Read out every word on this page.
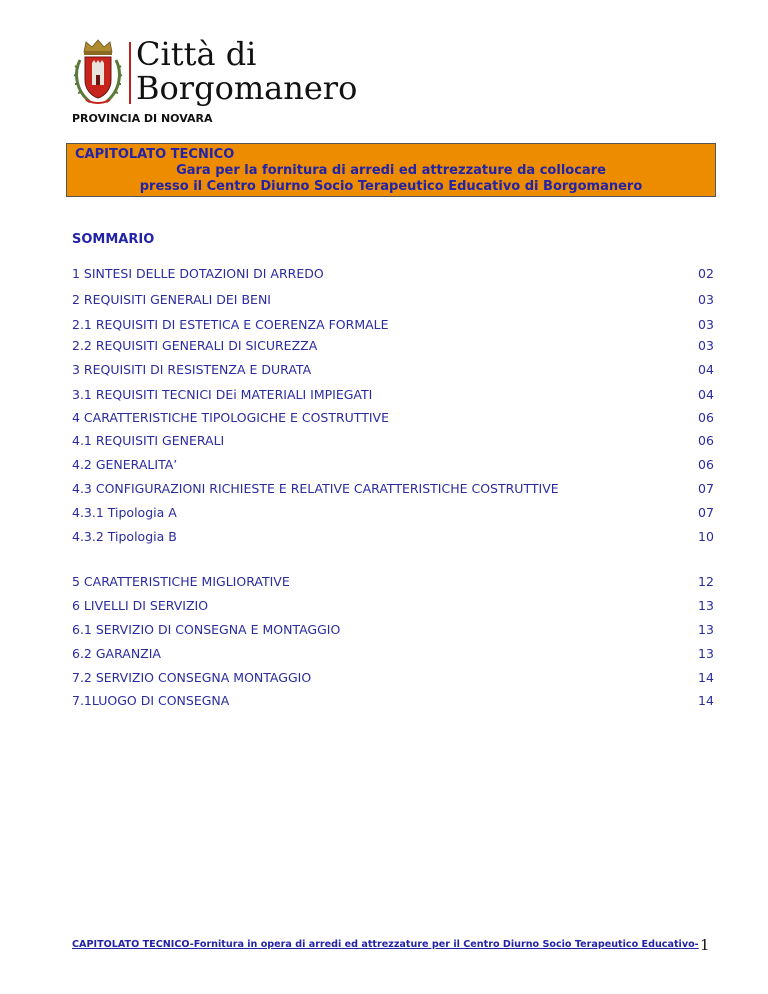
Città di
Borgomanero
PROVINCIA DI NOVARA
CAPITOLATO TECNICO
Gara per la fornitura di arredi ed attrezzature da collocare
presso il Centro Diurno Socio Terapeutico Educativo di Borgomanero
SOMMARIO
1 SINTESI DELLE DOTAZIONI DI ARREDO	02
2 REQUISITI GENERALI DEI BENI	03
2.1 REQUISITI DI ESTETICA E COERENZA FORMALE	03
2.2 REQUISITI GENERALI DI SICUREZZA	03
3 REQUISITI DI RESISTENZA E DURATA	04
3.1 REQUISITI TECNICI DEi MATERIALI IMPIEGATI	04
4 CARATTERISTICHE TIPOLOGICHE E COSTRUTTIVE	06
4.1 REQUISITI GENERALI	06
4.2 GENERALITA’	06
4.3 CONFIGURAZIONI RICHIESTE E RELATIVE CARATTERISTICHE COSTRUTTIVE	07
4.3.1 Tipologia A	07
4.3.2 Tipologia B	10
5 CARATTERISTICHE MIGLIORATIVE	12
6 LIVELLI DI SERVIZIO	13
6.1 SERVIZIO DI CONSEGNA E MONTAGGIO	13
6.2 GARANZIA	13
7.2 SERVIZIO CONSEGNA MONTAGGIO	14
7.1LUOGO DI CONSEGNA	14
CAPITOLATO TECNICO-Fornitura in opera di arredi ed attrezzature per il Centro Diurno Socio Terapeutico Educativo- 1
